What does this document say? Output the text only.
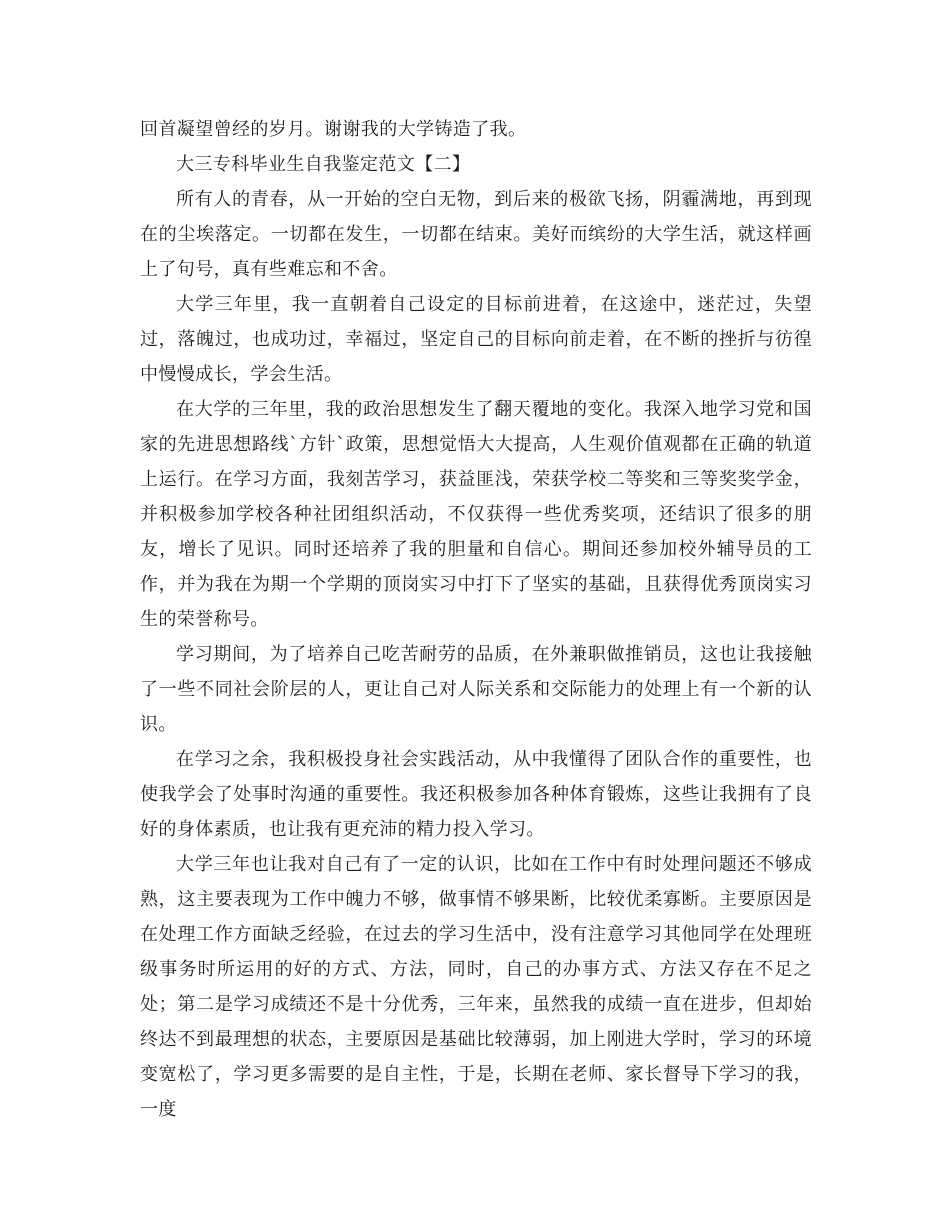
回首凝望曾经的岁月。谢谢我的大学铸造了我。

大三专科毕业生自我鉴定范文【二】

所有人的青春，从一开始的空白无物，到后来的极欲飞扬，阴霾满地，再到现在的尘埃落定。一切都在发生，一切都在结束。美好而缤纷的大学生活，就这样画上了句号，真有些难忘和不舍。

大学三年里，我一直朝着自己设定的目标前进着，在这途中，迷茫过，失望过，落魄过，也成功过，幸福过，坚定自己的目标向前走着，在不断的挫折与彷徨中慢慢成长，学会生活。

在大学的三年里，我的政治思想发生了翻天覆地的变化。我深入地学习党和国家的先进思想路线`方针`政策，思想觉悟大大提高，人生观价值观都在正确的轨道上运行。在学习方面，我刻苦学习，获益匪浅，荣获学校二等奖和三等奖奖学金，并积极参加学校各种社团组织活动，不仅获得一些优秀奖项，还结识了很多的朋友，增长了见识。同时还培养了我的胆量和自信心。期间还参加校外辅导员的工作，并为我在为期一个学期的顶岗实习中打下了坚实的基础，且获得优秀顶岗实习生的荣誉称号。

学习期间，为了培养自己吃苦耐劳的品质，在外兼职做推销员，这也让我接触了一些不同社会阶层的人，更让自己对人际关系和交际能力的处理上有一个新的认识。

在学习之余，我积极投身社会实践活动，从中我懂得了团队合作的重要性，也使我学会了处事时沟通的重要性。我还积极参加各种体育锻炼，这些让我拥有了良好的身体素质，也让我有更充沛的精力投入学习。

大学三年也让我对自己有了一定的认识，比如在工作中有时处理问题还不够成熟，这主要表现为工作中魄力不够，做事情不够果断，比较优柔寡断。主要原因是在处理工作方面缺乏经验，在过去的学习生活中，没有注意学习其他同学在处理班级事务时所运用的好的方式、方法，同时，自己的办事方式、方法又存在不足之处；第二是学习成绩还不是十分优秀，三年来，虽然我的成绩一直在进步，但却始终达不到最理想的状态，主要原因是基础比较薄弱，加上刚进大学时，学习的环境变宽松了，学习更多需要的是自主性，于是，长期在老师、家长督导下学习的我，一度
